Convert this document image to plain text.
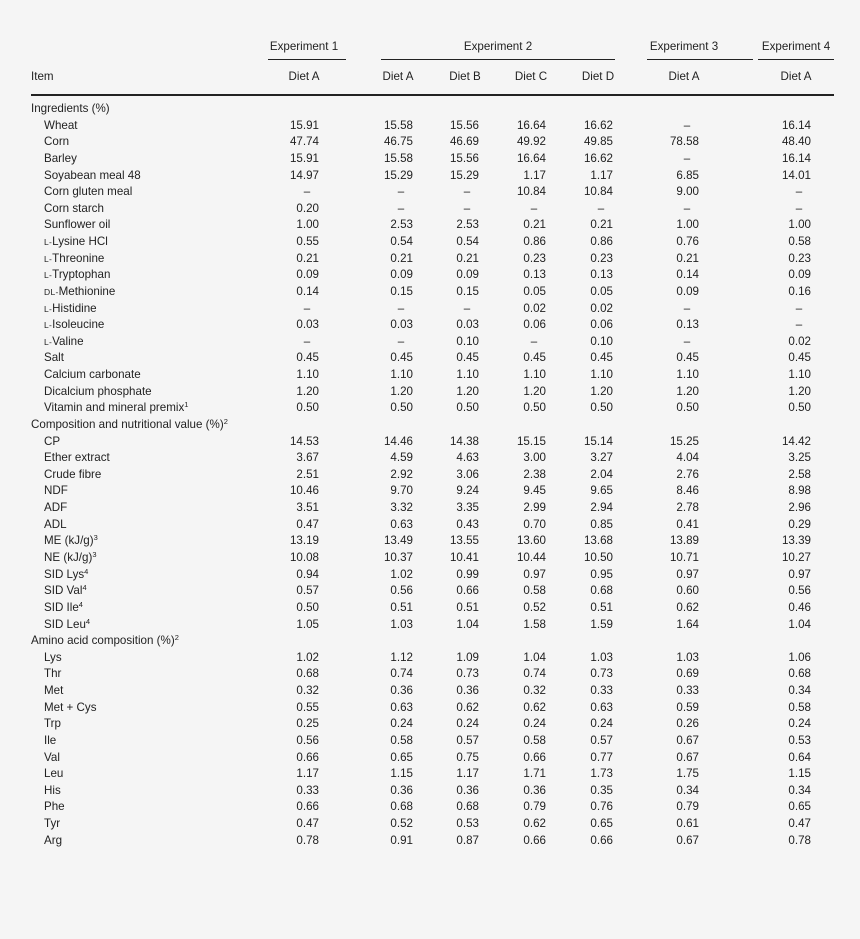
Experiment 1	Experiment 2	Experiment 3	Experiment 4
Item	Diet A	Diet A	Diet B	Diet C	Diet D	Diet A	Diet A
Ingredients (%)
Wheat	15.91	15.58	15.56	16.64	16.62	–	16.14
Corn	47.74	46.75	46.69	49.92	49.85	78.58	48.40
Barley	15.91	15.58	15.56	16.64	16.62	–	16.14
Soyabean meal 48	14.97	15.29	15.29	1.17	1.17	6.85	14.01
Corn gluten meal	–	–	–	10.84	10.84	9.00	–
Corn starch	0.20	–	–	–	–	–	–
Sunflower oil	1.00	2.53	2.53	0.21	0.21	1.00	1.00
L-Lysine HCl	0.55	0.54	0.54	0.86	0.86	0.76	0.58
L-Threonine	0.21	0.21	0.21	0.23	0.23	0.21	0.23
L-Tryptophan	0.09	0.09	0.09	0.13	0.13	0.14	0.09
DL-Methionine	0.14	0.15	0.15	0.05	0.05	0.09	0.16
L-Histidine	–	–	–	0.02	0.02	–	–
L-Isoleucine	0.03	0.03	0.03	0.06	0.06	0.13	–
L-Valine	–	–	0.10	–	0.10	–	0.02
Salt	0.45	0.45	0.45	0.45	0.45	0.45	0.45
Calcium carbonate	1.10	1.10	1.10	1.10	1.10	1.10	1.10
Dicalcium phosphate	1.20	1.20	1.20	1.20	1.20	1.20	1.20
Vitamin and mineral premix$^1$	0.50	0.50	0.50	0.50	0.50	0.50	0.50
Composition and nutritional value (%)$^2$
CP	14.53	14.46	14.38	15.15	15.14	15.25	14.42
Ether extract	3.67	4.59	4.63	3.00	3.27	4.04	3.25
Crude fibre	2.51	2.92	3.06	2.38	2.04	2.76	2.58
NDF	10.46	9.70	9.24	9.45	9.65	8.46	8.98
ADF	3.51	3.32	3.35	2.99	2.94	2.78	2.96
ADL	0.47	0.63	0.43	0.70	0.85	0.41	0.29
ME $(kJ/g)^3$	13.19	13.49	13.55	13.60	13.68	13.89	13.39
NE $(kJ/g)^3$	10.08	10.37	10.41	10.44	10.50	10.71	10.27
SID Lys$^4$	0.94	1.02	0.99	0.97	0.95	0.97	0.97
SID Val$^4$	0.57	0.56	0.66	0.58	0.68	0.60	0.56
SID Ile$^4$	0.50	0.51	0.51	0.52	0.51	0.62	0.46
SID Leu$^4$	1.05	1.03	1.04	1.58	1.59	1.64	1.04
Amino acid composition (%)$^2$
Lys	1.02	1.12	1.09	1.04	1.03	1.03	1.06
Thr	0.68	0.74	0.73	0.74	0.73	0.69	0.68
Met	0.32	0.36	0.36	0.32	0.33	0.33	0.34
Met + Cys	0.55	0.63	0.62	0.62	0.63	0.59	0.58
Trp	0.25	0.24	0.24	0.24	0.24	0.26	0.24
Ile	0.56	0.58	0.57	0.58	0.57	0.67	0.53
Val	0.66	0.65	0.75	0.66	0.77	0.67	0.64
Leu	1.17	1.15	1.17	1.71	1.73	1.75	1.15
His	0.33	0.36	0.36	0.36	0.35	0.34	0.34
Phe	0.66	0.68	0.68	0.79	0.76	0.79	0.65
Tyr	0.47	0.52	0.53	0.62	0.65	0.61	0.47
Arg	0.78	0.91	0.87	0.66	0.66	0.67	0.78
